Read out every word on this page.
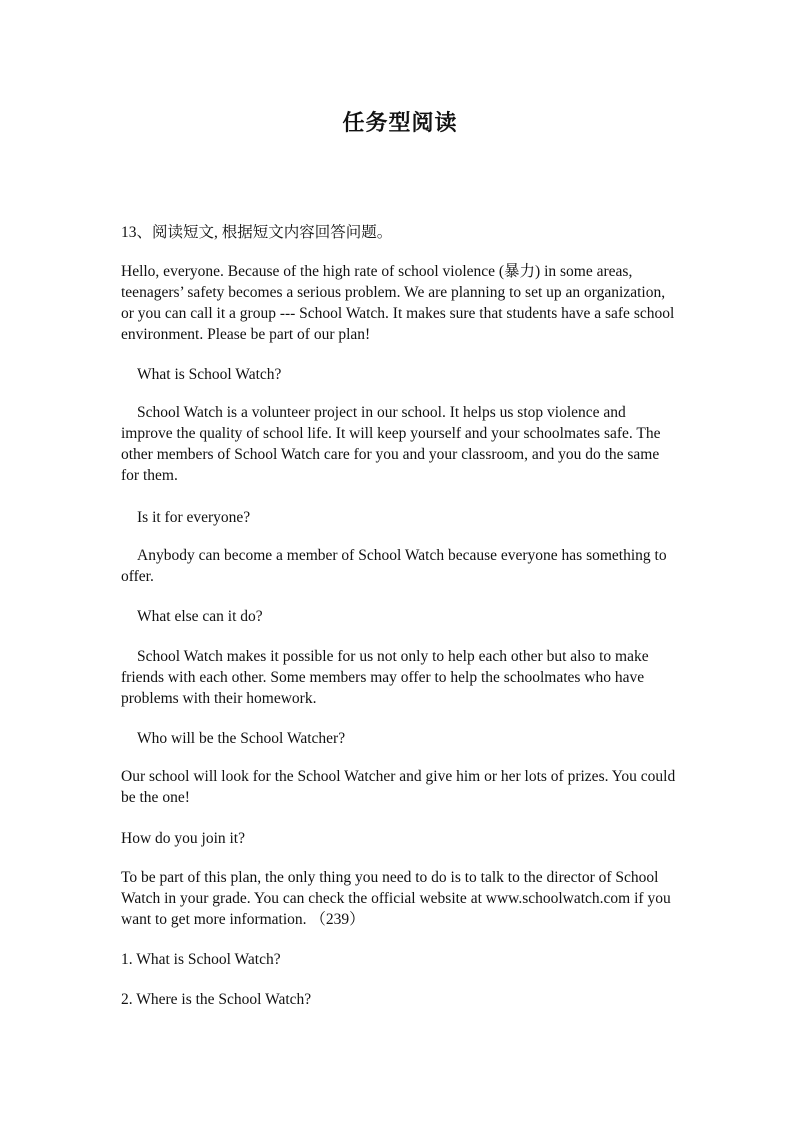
任务型阅读

13、阅读短文, 根据短文内容回答问题。

Hello, everyone. Because of the high rate of school violence (暴力) in some areas, teenagers’ safety becomes a serious problem. We are planning to set up an organization, or you can call it a group --- School Watch. It makes sure that students have a safe school environment. Please be part of our plan!

What is School Watch?

School Watch is a volunteer project in our school. It helps us stop violence and improve the quality of school life. It will keep yourself and your schoolmates safe. The other members of School Watch care for you and your classroom, and you do the same for them.

Is it for everyone?

Anybody can become a member of School Watch because everyone has something to offer.

What else can it do?

School Watch makes it possible for us not only to help each other but also to make friends with each other. Some members may offer to help the schoolmates who have problems with their homework.

Who will be the School Watcher?

Our school will look for the School Watcher and give him or her lots of prizes. You could be the one!

How do you join it?

To be part of this plan, the only thing you need to do is to talk to the director of School Watch in your grade. You can check the official website at www.schoolwatch.com if you want to get more information. （239）

1. What is School Watch?

2. Where is the School Watch?
